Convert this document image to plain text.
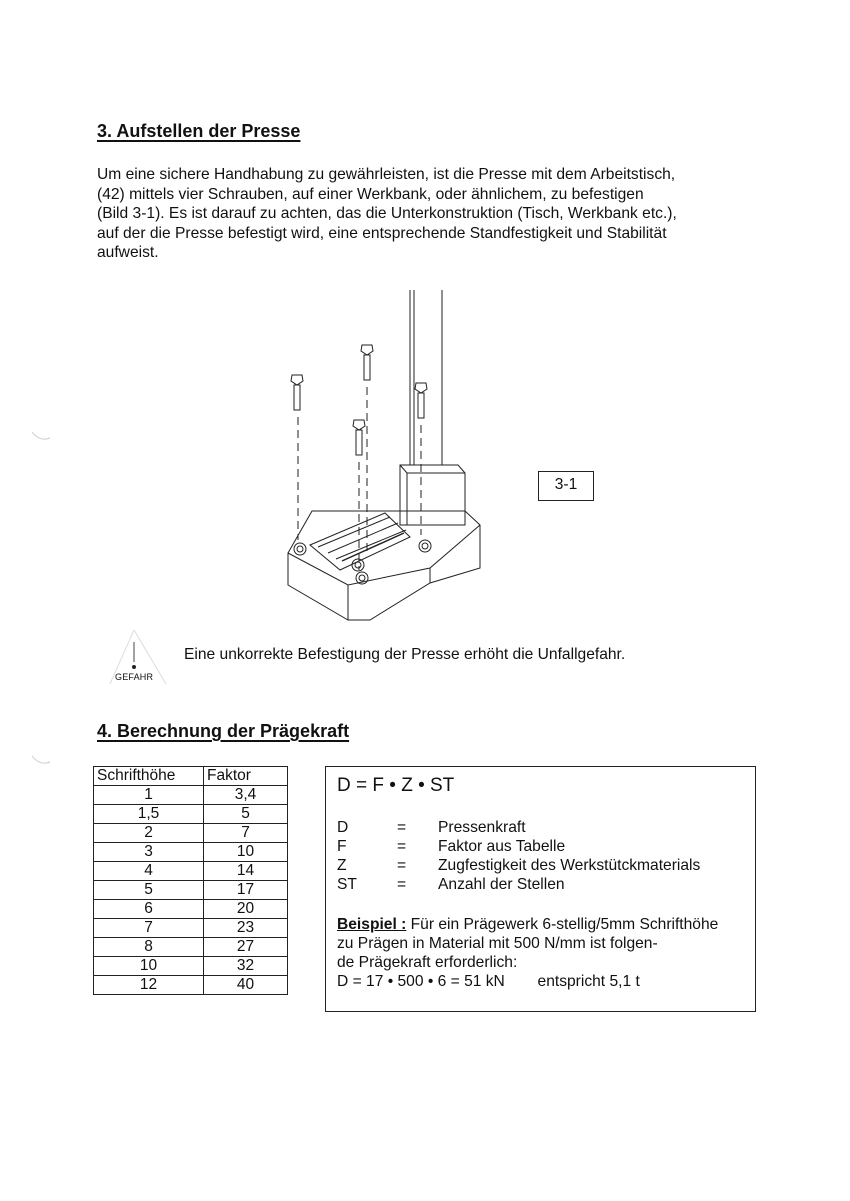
3. Aufstellen der Presse
Um eine sichere Handhabung zu gewährleisten, ist die Presse mit dem Arbeitstisch,
(42) mittels vier Schrauben, auf einer Werkbank, oder ähnlichem, zu befestigen
(Bild 3-1). Es ist darauf zu achten, das die Unterkonstruktion (Tisch, Werkbank etc.),
auf der die Presse befestigt wird, eine entsprechende Standfestigkeit und Stabilität
aufweist.
3-1
GEFAHR
Eine unkorrekte Befestigung der Presse erhöht die Unfallgefahr.
4. Berechnung der Prägekraft
Schrifthöhe	Faktor
1	3,4
1,5	5
2	7
3	10
4	14
5	17
6	20
7	23
8	27
10	32
12	40
D = F • Z • ST
D	= Pressenkraft
F	= Faktor aus Tabelle
Z	= Zugfestigkeit des Werkstütckmaterials
ST	= Anzahl der Stellen
Beispiel : Für ein Prägewerk 6-stellig/5mm Schrifthöhe
zu Prägen in Material mit 500 N/mm ist folgen-
de Prägekraft erforderlich:
D = 17 • 500 • 6 = 51 kN entspricht 5,1 t
